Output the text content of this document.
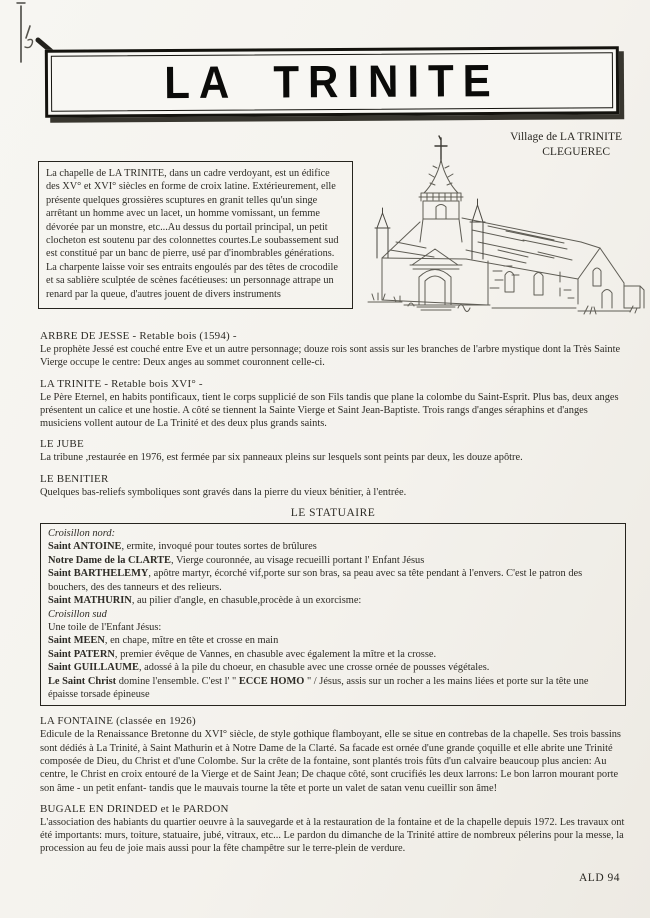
LA TRINITE
Village de LA TRINITE
CLEGUEREC
La chapelle de LA TRINITE, dans un cadre verdoyant, est un édifice des XV° et XVI° siècles en forme de croix latine. Extérieurement, elle présente quelques grossières scuptures en granit telles qu'un singe arrêtant un homme avec un lacet, un homme vomissant, un femme dévorée par un monstre, etc...Au dessus du portail principal, un petit clocheton est soutenu par des colonnettes courtes.Le soubassement sud est constitué par un banc de pierre, usé par d'inombrables générations. La charpente laisse voir ses entraits engoulés par des têtes de crocodile et sa sablière sculptée de scènes facétieuses: un personnage attrape un renard par la queue, d'autres jouent de divers instruments
ARBRE DE JESSE - Retable bois (1594) -
Le prophète Jessé est couché entre Eve et un autre personnage; douze rois sont assis sur les branches de l'arbre mystique dont la Très Sainte Vierge occupe le centre: Deux anges au sommet couronnent celle-ci.
LA TRINITE - Retable bois XVI° -
Le Père Eternel, en habits pontificaux, tient le corps supplicié de son Fils tandis que plane la colombe du Saint-Esprit. Plus bas, deux anges présentent un calice et une hostie. A côté se tiennent la Sainte Vierge et Saint Jean-Baptiste. Trois rangs d'anges séraphins et d'anges musiciens vollent autour de La Trinité et des deux plus grands saints.
LE JUBE
La tribune ,restaurée en 1976, est fermée par six panneaux pleins sur lesquels sont peints par deux, les douze apôtre.
LE BENITIER
Quelques bas-reliefs symboliques sont gravés dans la pierre du vieux bénitier, à l'entrée.
LE STATUAIRE
Croisillon nord:
Saint ANTOINE, ermite, invoqué pour toutes sortes de brûlures
Notre Dame de la CLARTE, Vierge couronnée, au visage recueilli portant l' Enfant Jésus
Saint BARTHELEMY, apôtre martyr, écorché vif,porte sur son bras, sa peau avec sa tête pendant à l'envers. C'est le patron des bouchers, des des tanneurs et des relieurs.
Saint MATHURIN, au pilier d'angle, en chasuble,procède à un exorcisme:
Croisillon sud
Une toile de l'Enfant Jésus:
Saint MEEN, en chape, mître en tête et crosse en main
Saint PATERN, premier évêque de Vannes, en chasuble avec également la mître et la crosse.
Saint GUILLAUME, adossé à la pile du choeur, en chasuble avec une crosse ornée de pousses végétales.
Le Saint Christ domine l'ensemble. C'est l' " ECCE HOMO " / Jésus, assis sur un rocher a les mains liées et porte sur la tête une épaisse torsade épineuse
LA FONTAINE (classée en 1926)
Edicule de la Renaissance Bretonne du XVI° siècle, de style gothique flamboyant, elle se situe en contrebas de la chapelle. Ses trois bassins sont dédiés à La Trinité, à Saint Mathurin et à Notre Dame de la Clarté. Sa facade est ornée d'une grande çoquille et elle abrite une Trinité composée de Dieu, du Christ et d'une Colombe. Sur la crête de la fontaine, sont plantés trois fûts d'un calvaire beaucoup plus ancien: Au centre, le Christ en croix entouré de la Vierge et de Saint Jean; De chaque côté, sont crucifiés les deux larrons: Le bon larron mourant porte son âme - un petit enfant- tandis que le mauvais tourne la tête et porte un valet de satan venu cueillir son âme!
BUGALE EN DRINDED et le PARDON
L'association des habiants du quartier oeuvre à la sauvegarde et à la restauration de la fontaine et de la chapelle depuis 1972. Les travaux ont été importants: murs, toiture, statuaire, jubé, vitraux, etc... Le pardon du dimanche de la Trinité attire de nombreux pélerins pour la messe, la procession au feu de joie mais aussi pour la fête champêtre sur le terre-plein de verdure.
ALD 94
